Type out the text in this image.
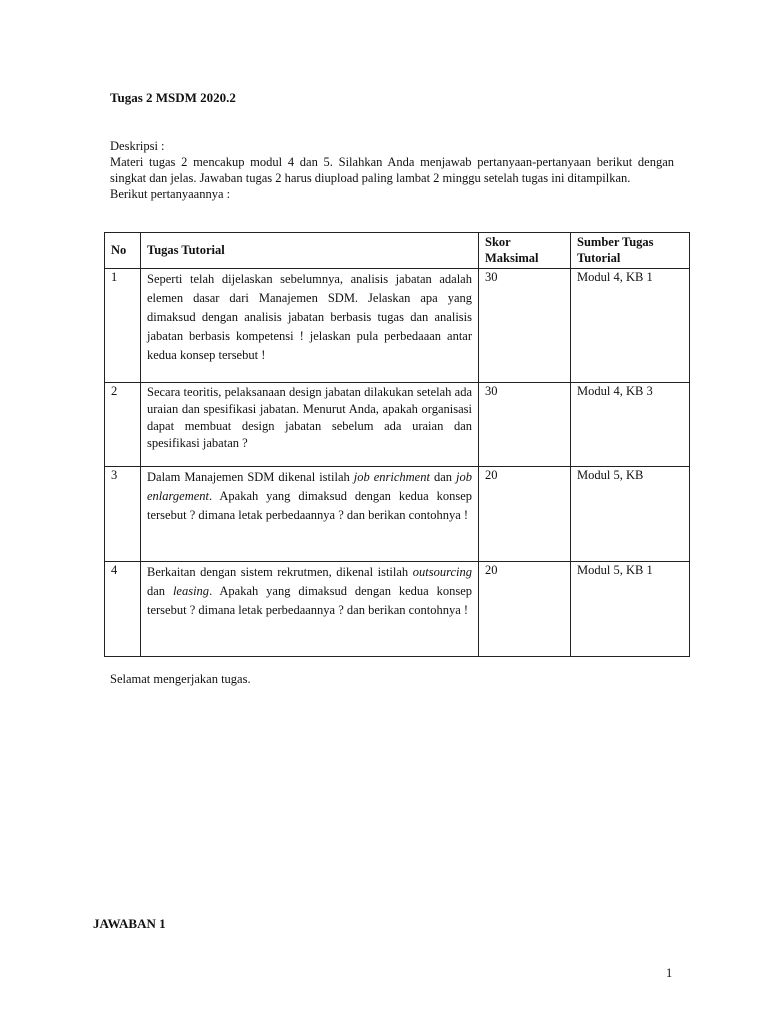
Tugas 2 MSDM 2020.2

Deskripsi :

Materi tugas 2 mencakup modul 4 dan 5. Silahkan Anda menjawab pertanyaan-pertanyaan berikut dengan singkat dan jelas. Jawaban tugas 2 harus diupload paling lambat 2 minggu setelah tugas ini ditampilkan.

Berikut pertanyaannya :

No	Tugas Tutorial	Skor Maksimal	Sumber Tugas Tutorial
1	Seperti telah dijelaskan sebelumnya, analisis jabatan adalah elemen dasar dari Manajemen SDM. Jelaskan apa yang dimaksud dengan analisis jabatan berbasis tugas dan analisis jabatan berbasis kompetensi ! jelaskan pula perbedaaan antar kedua konsep tersebut !	30	Modul 4, KB 1
2	Secara teoritis, pelaksanaan design jabatan dilakukan setelah ada uraian dan spesifikasi jabatan. Menurut Anda, apakah organisasi dapat membuat design jabatan sebelum ada uraian dan spesifikasi jabatan ?	30	Modul 4, KB 3
3	Dalam Manajemen SDM dikenal istilah job enrichment dan job enlargement. Apakah yang dimaksud dengan kedua konsep tersebut ? dimana letak perbedaannya ? dan berikan contohnya !	20	Modul 5, KB
4	Berkaitan dengan sistem rekrutmen, dikenal istilah outsourcing dan leasing. Apakah yang dimaksud dengan kedua konsep tersebut ? dimana letak perbedaannya ? dan berikan contohnya !	20	Modul 5, KB 1
Selamat mengerjakan tugas.
JAWABAN 1
1
